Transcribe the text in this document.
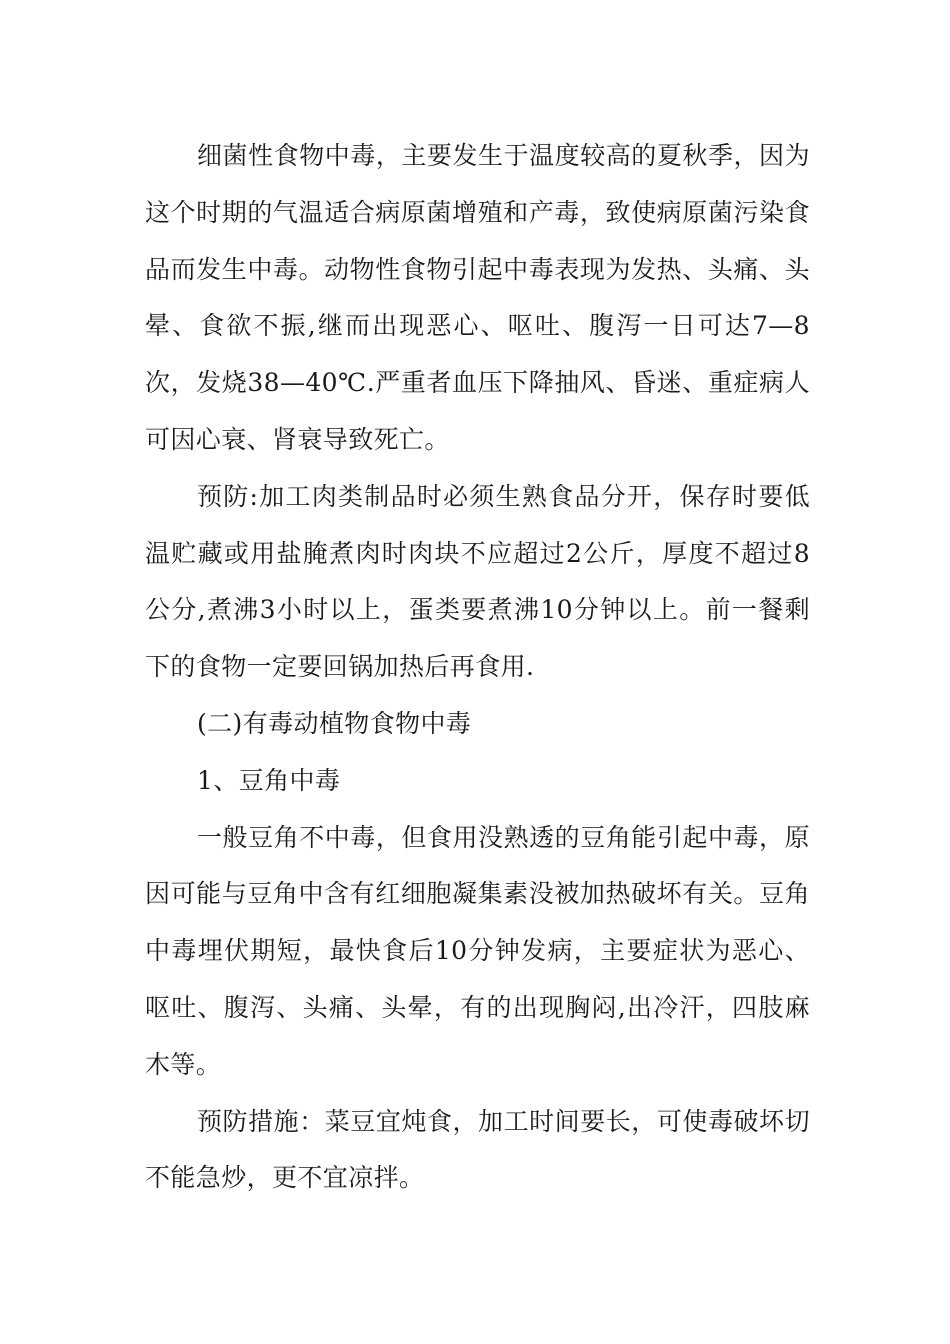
细菌性食物中毒，主要发生于温度较高的夏秋季，因为这个时期的气温适合病原菌增殖和产毒，致使病原菌污染食品而发生中毒。动物性食物引起中毒表现为发热、头痛、头晕、食欲不振,继而出现恶心、呕吐、腹泻一日可达7—8次，发烧38—40℃.严重者血压下降抽风、昏迷、重症病人可因心衰、肾衰导致死亡。

预防:加工肉类制品时必须生熟食品分开，保存时要低温贮藏或用盐腌煮肉时肉块不应超过2公斤，厚度不超过8公分,煮沸3小时以上，蛋类要煮沸10分钟以上。前一餐剩下的食物一定要回锅加热后再食用.

(二)有毒动植物食物中毒

1、豆角中毒

一般豆角不中毒，但食用没熟透的豆角能引起中毒，原因可能与豆角中含有红细胞凝集素没被加热破坏有关。豆角中毒埋伏期短，最快食后10分钟发病，主要症状为恶心、呕吐、腹泻、头痛、头晕，有的出现胸闷,出冷汗，四肢麻木等。

预防措施：菜豆宜炖食，加工时间要长，可使毒破坏切不能急炒，更不宜凉拌。
